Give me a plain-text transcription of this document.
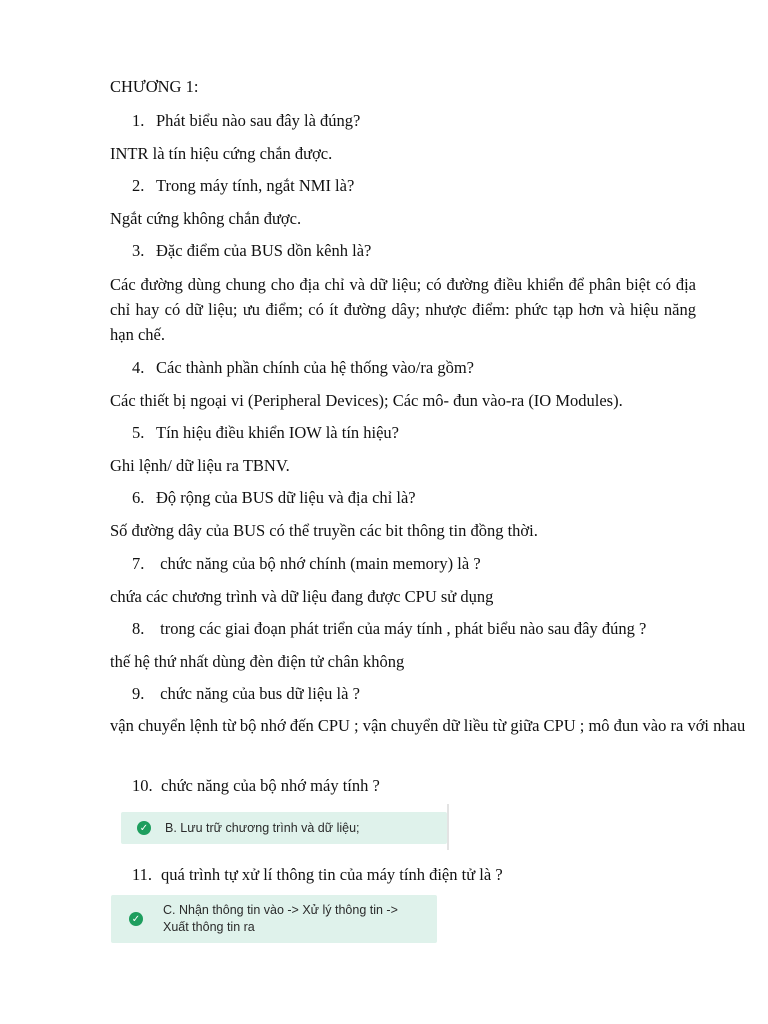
CHƯƠNG 1:
1. Phát biểu nào sau đây là đúng?
INTR là tín hiệu cứng chắn được.
2. Trong máy tính, ngắt NMI là?
Ngắt cứng không chắn được.
3. Đặc điểm của BUS dồn kênh là?
Các đường dùng chung cho địa chỉ và dữ liệu; có đường điều khiển để phân biệt có địa chỉ hay có dữ liệu; ưu điểm; có ít đường dây; nhược điểm: phức tạp hơn và hiệu năng hạn chế.
4. Các thành phần chính của hệ thống vào/ra gồm?
Các thiết bị ngoại vi (Peripheral Devices); Các mô- đun vào-ra (IO Modules).
5. Tín hiệu điều khiển IOW là tín hiệu?
Ghi lệnh/ dữ liệu ra TBNV.
6. Độ rộng của BUS dữ liệu và địa chỉ là?
Số đường dây của BUS có thể truyền các bit thông tin đồng thời.
7. chức năng của bộ nhớ chính (main memory) là ?
chứa các chương trình và dữ liệu đang được CPU sử dụng
8. trong các giai đoạn phát triển của máy tính , phát biểu nào sau đây đúng ?
thế hệ thứ nhất dùng đèn điện tử chân không
9. chức năng của bus dữ liệu là ?
vận chuyển lệnh từ bộ nhớ đến CPU ; vận chuyển dữ liều từ giữa CPU ; mô đun vào ra với nhau
10. chức năng của bộ nhớ máy tính ?
✓ B. Lưu trữ chương trình và dữ liệu;
11. quá trình tự xử lí thông tin của máy tính điện tử là ?
✓
C. Nhận thông tin vào -> Xử lý thông tin -> Xuất thông tin ra
